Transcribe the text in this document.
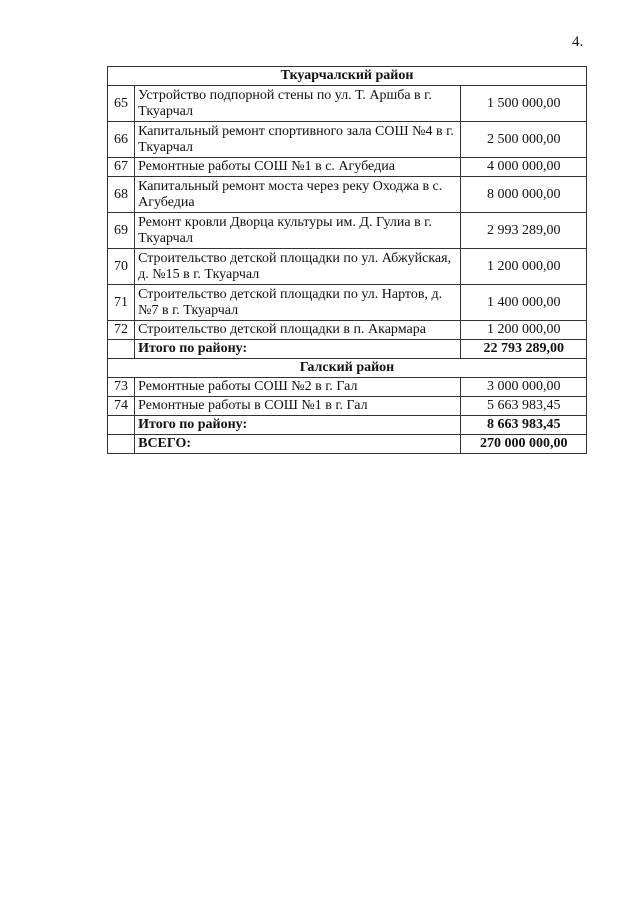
4.
Ткуарчалский район		
65	Устройство подпорной стены по ул. Т. Аршба в г. Ткуарчал	1 500 000,00
66	Капитальный ремонт спортивного зала СОШ №4 в г. Ткуарчал	2 500 000,00
67	Ремонтные работы СОШ №1 в с. Агубедиа	4 000 000,00
68	Капитальный ремонт моста через реку Оходжа в с. Агубедиа	8 000 000,00
69	Ремонт кровли Дворца культуры им. Д. Гулиа в г. Ткуарчал	2 993 289,00
70	Строительство детской площадки по ул. Абжуйская, д. №15 в г. Ткуарчал	1 200 000,00
71	Строительство детской площадки по ул. Нартов, д. №7 в г. Ткуарчал	1 400 000,00
72	Строительство детской площадки в п. Акармара	1 200 000,00
	Итого по району:	22 793 289,00
Галский район		
73	Ремонтные работы СОШ №2 в г. Гал	3 000 000,00
74	Ремонтные работы в СОШ №1 в г. Гал	5 663 983,45
	Итого по району:	8 663 983,45
	ВСЕГО:	270 000 000,00
